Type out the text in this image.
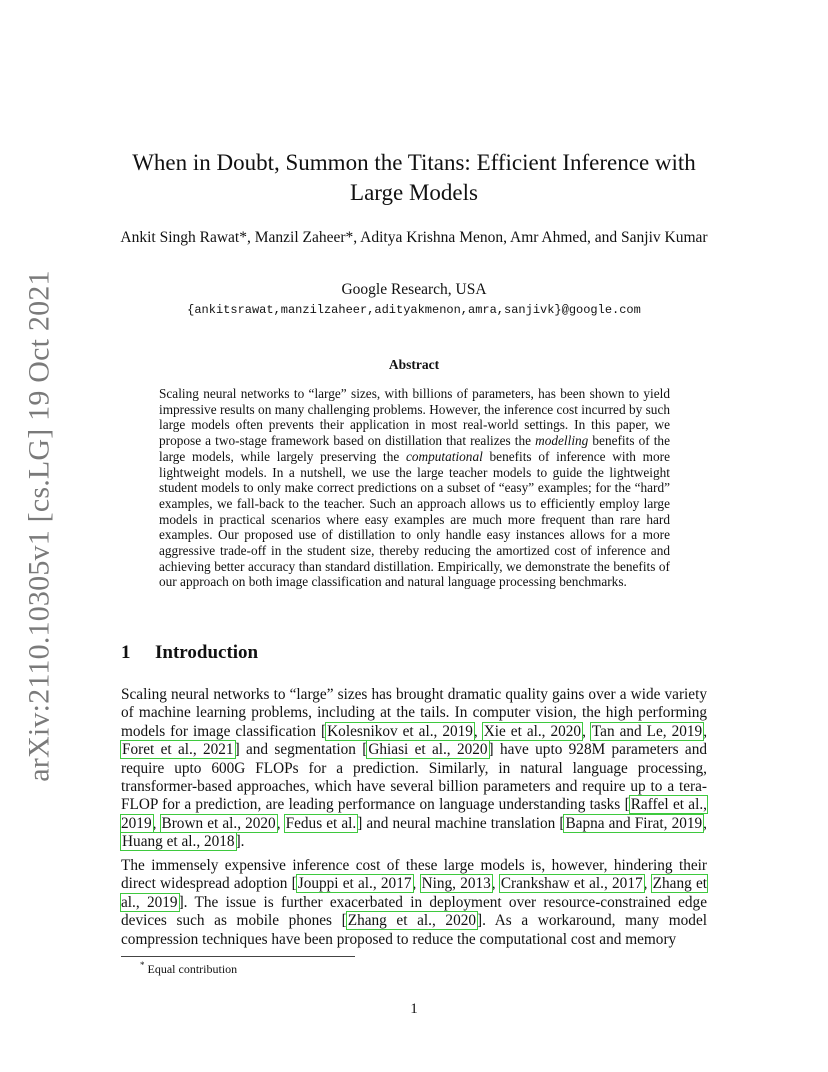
arXiv:2110.10305v1 [cs.LG] 19 Oct 2021
When in Doubt, Summon the Titans: Efficient Inference with Large Models
Ankit Singh Rawat*, Manzil Zaheer*, Aditya Krishna Menon, Amr Ahmed, and Sanjiv Kumar
Google Research, USA
{ankitsrawat,manzilzaheer,adityakmenon,amra,sanjivk}@google.com
Abstract

Scaling neural networks to “large” sizes, with billions of parameters, has been shown to yield impressive results on many challenging problems. However, the inference cost incurred by such large models often prevents their application in most real-world settings. In this paper, we propose a two-stage framework based on distillation that realizes the modelling benefits of the large models, while largely preserving the computational benefits of inference with more lightweight models. In a nutshell, we use the large teacher models to guide the lightweight student models to only make correct predictions on a subset of “easy” examples; for the “hard” examples, we fall-back to the teacher. Such an approach allows us to efficiently employ large models in practical scenarios where easy examples are much more frequent than rare hard examples. Our proposed use of distillation to only handle easy instances allows for a more aggressive trade-off in the student size, thereby reducing the amortized cost of inference and achieving better accuracy than standard distillation. Empirically, we demonstrate the benefits of our approach on both image classification and natural language processing benchmarks.

1 Introduction

Scaling neural networks to “large” sizes has brought dramatic quality gains over a wide variety of machine learning problems, including at the tails. In computer vision, the high performing models for image classification [Kolesnikov et al., 2019, Xie et al., 2020, Tan and Le, 2019, Foret et al., 2021] and segmentation [Ghiasi et al., 2020] have upto 928M parameters and require upto 600G FLOPs for a prediction. Similarly, in natural language processing, transformer-based approaches, which have several billion parameters and require up to a tera-FLOP for a prediction, are leading performance on language understanding tasks [Raffel et al., 2019, Brown et al., 2020, Fedus et al.] and neural machine translation [Bapna and Firat, 2019, Huang et al., 2018].

The immensely expensive inference cost of these large models is, however, hindering their direct widespread adoption [Jouppi et al., 2017, Ning, 2013, Crankshaw et al., 2017, Zhang et al., 2019]. The issue is further exacerbated in deployment over resource-constrained edge devices such as mobile phones [Zhang et al., 2020]. As a workaround, many model compression techniques have been proposed to reduce the computational cost and memory

* Equal contribution
1
